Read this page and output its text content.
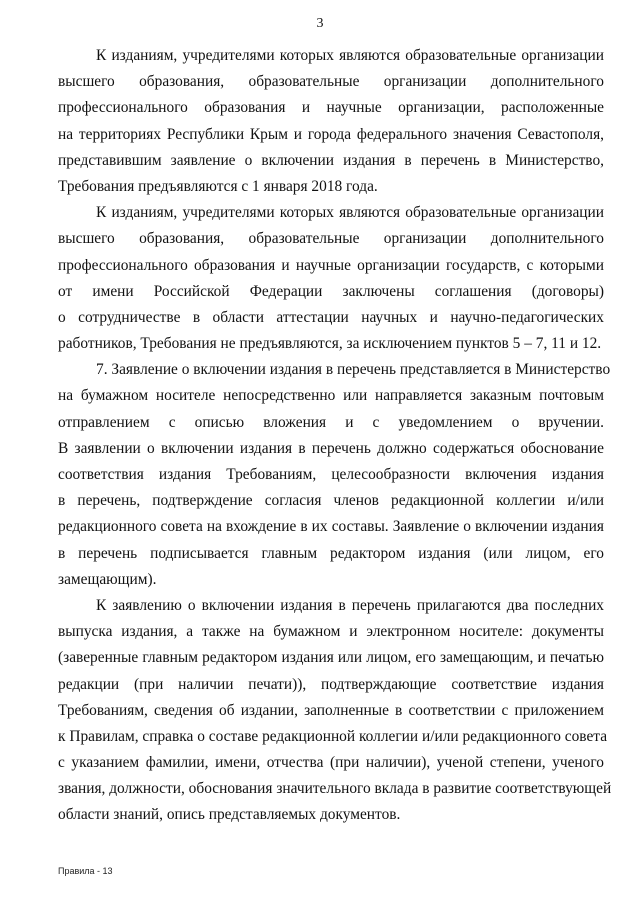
3
К изданиям, учредителями которых являются образовательные организации
высшего образования, образовательные организации дополнительного
профессионального образования и научные организации, расположенные
на территориях Республики Крым и города федерального значения Севастополя,
представившим заявление о включении издания в перечень в Министерство,
Требования предъявляются с 1 января 2018 года.
К изданиям, учредителями которых являются образовательные организации
высшего образования, образовательные организации дополнительного
профессионального образования и научные организации государств, с которыми
от имени Российской Федерации заключены соглашения (договоры)
о сотрудничестве в области аттестации научных и научно-педагогических
работников, Требования не предъявляются, за исключением пунктов 5 – 7, 11 и 12.
7. Заявление о включении издания в перечень представляется в Министерство
на бумажном носителе непосредственно или направляется заказным почтовым
отправлением с описью вложения и с уведомлением о вручении.
В заявлении о включении издания в перечень должно содержаться обоснование
соответствия издания Требованиям, целесообразности включения издания
в перечень, подтверждение согласия членов редакционной коллегии и/или
редакционного совета на вхождение в их составы. Заявление о включении издания
в перечень подписывается главным редактором издания (или лицом, его
замещающим).
К заявлению о включении издания в перечень прилагаются два последних
выпуска издания, а также на бумажном и электронном носителе: документы
(заверенные главным редактором издания или лицом, его замещающим, и печатью
редакции (при наличии печати)), подтверждающие соответствие издания
Требованиям, сведения об издании, заполненные в соответствии с приложением
к Правилам, справка о составе редакционной коллегии и/или редакционного совета
с указанием фамилии, имени, отчества (при наличии), ученой степени, ученого
звания, должности, обоснования значительного вклада в развитие соответствующей
области знаний, опись представляемых документов.
Правила - 13
